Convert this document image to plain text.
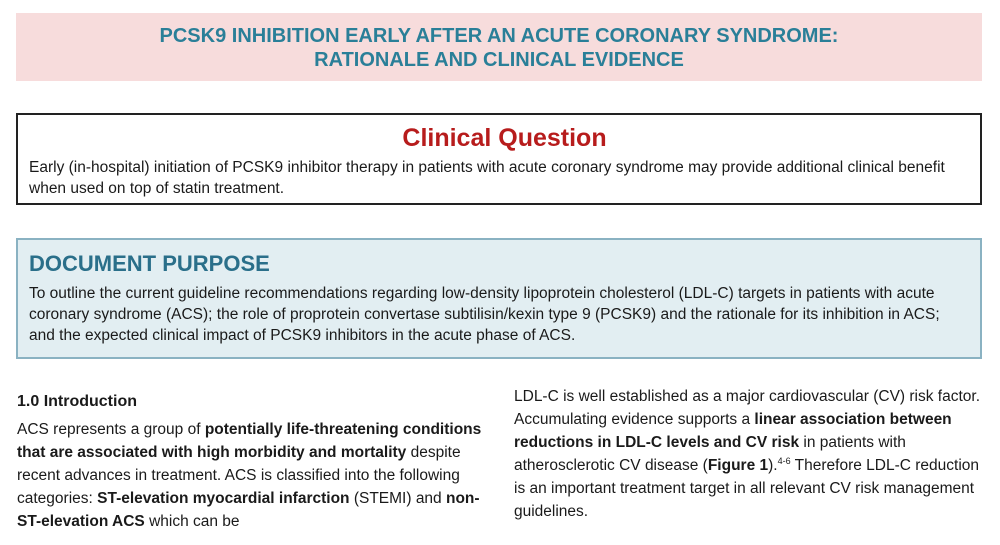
PCSK9 INHIBITION EARLY AFTER AN ACUTE CORONARY SYNDROME:
RATIONALE AND CLINICAL EVIDENCE
Clinical Question

Early (in-hospital) initiation of PCSK9 inhibitor therapy in patients with acute coronary syndrome may provide additional clinical benefit when used on top of statin treatment.

DOCUMENT PURPOSE

To outline the current guideline recommendations regarding low-density lipoprotein cholesterol (LDL-C) targets in patients with acute coronary syndrome (ACS); the role of proprotein convertase subtilisin/kexin type 9 (PCSK9) and the rationale for its inhibition in ACS; and the expected clinical impact of PCSK9 inhibitors in the acute phase of ACS.

1.0 Introduction

ACS represents a group of potentially life-threatening conditions that are associated with high morbidity and mortality despite recent advances in treatment. ACS is classified into the following categories: ST-elevation myocardial infarction (STEMI) and non-ST-elevation ACS which can be

LDL-C is well established as a major cardiovascular (CV) risk factor. Accumulating evidence supports a linear association between reductions in LDL-C levels and CV risk in patients with atherosclerotic CV disease (Figure 1).$^{4-6}$ Therefore LDL-C reduction is an important treatment target in all relevant CV risk management guidelines.
